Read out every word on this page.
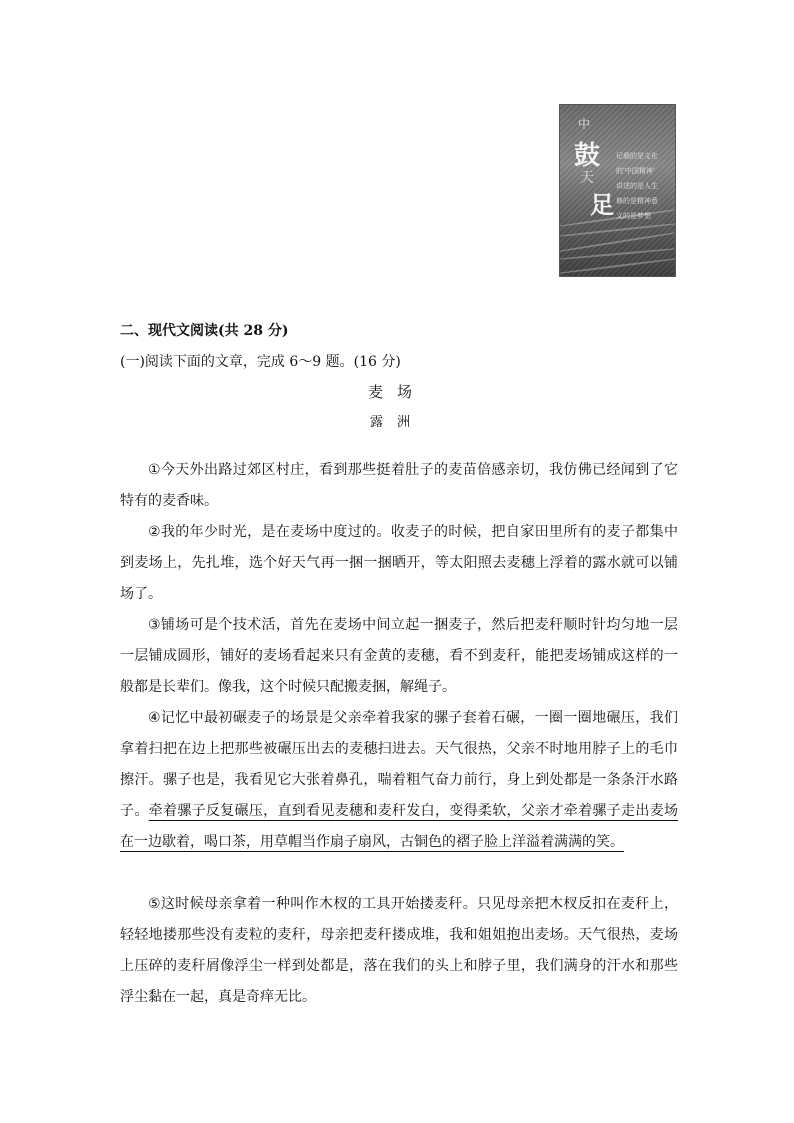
中
鼓
天
足
记载的是文化
的'中国精神'
讲述的是人生
修的是精神意
义的是梦想
二、现代文阅读(共 28 分)
(一)阅读下面的文章，完成 6～9 题。(16 分)
麦场
露洲

①今天外出路过郊区村庄，看到那些挺着肚子的麦苗倍感亲切，我仿佛已经闻到了它特有的麦香味。

②我的年少时光，是在麦场中度过的。收麦子的时候，把自家田里所有的麦子都集中到麦场上，先扎堆，选个好天气再一捆一捆晒开，等太阳照去麦穗上浮着的露水就可以铺场了。

③铺场可是个技术活，首先在麦场中间立起一捆麦子，然后把麦秆顺时针均匀地一层一层铺成圆形，铺好的麦场看起来只有金黄的麦穗，看不到麦秆，能把麦场铺成这样的一般都是长辈们。像我，这个时候只配搬麦捆，解绳子。

④记忆中最初碾麦子的场景是父亲牵着我家的骡子套着石碾，一圈一圈地碾压，我们拿着扫把在边上把那些被碾压出去的麦穗扫进去。天气很热，父亲不时地用脖子上的毛巾擦汗。骡子也是，我看见它大张着鼻孔，喘着粗气奋力前行，身上到处都是一条条汗水路子。牵着骡子反复碾压，直到看见麦穗和麦秆发白，变得柔软，父亲才牵着骡子走出麦场在一边歇着，喝口茶，用草帽当作扇子扇风，古铜色的褶子脸上洋溢着满满的笑。

⑤这时候母亲拿着一种叫作木杈的工具开始搂麦秆。只见母亲把木杈反扣在麦秆上，轻轻地搂那些没有麦粒的麦秆，母亲把麦秆搂成堆，我和姐姐抱出麦场。天气很热，麦场上压碎的麦秆屑像浮尘一样到处都是，落在我们的头上和脖子里，我们满身的汗水和那些浮尘黏在一起，真是奇痒无比。
